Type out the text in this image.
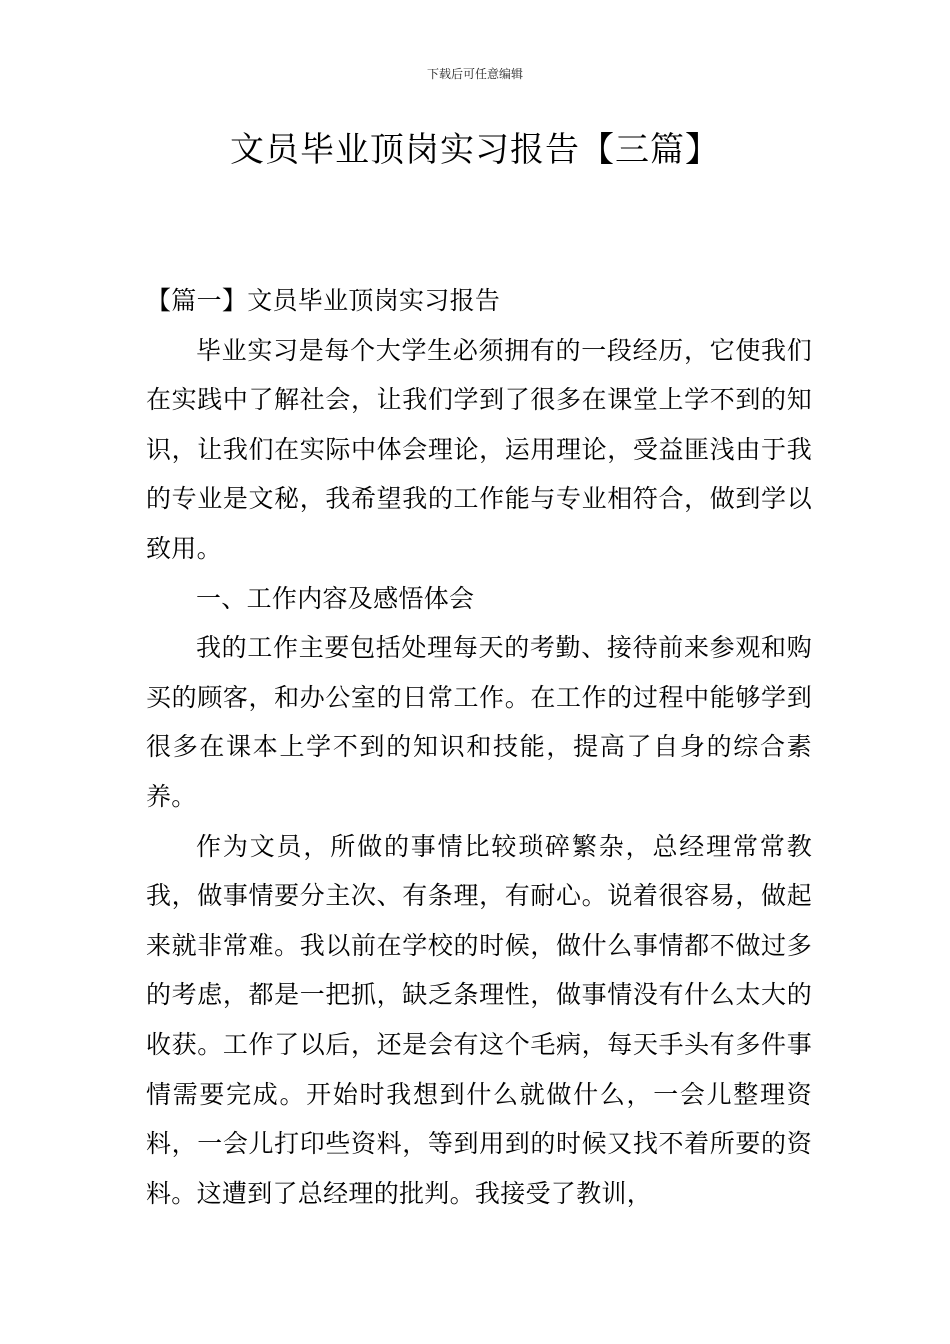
下载后可任意编辑
文员毕业顶岗实习报告【三篇】

【篇一】文员毕业顶岗实习报告

毕业实习是每个大学生必须拥有的一段经历，它使我们在实践中了解社会，让我们学到了很多在课堂上学不到的知识，让我们在实际中体会理论，运用理论，受益匪浅由于我的专业是文秘，我希望我的工作能与专业相符合，做到学以致用。

一、工作内容及感悟体会

我的工作主要包括处理每天的考勤、接待前来参观和购买的顾客，和办公室的日常工作。在工作的过程中能够学到很多在课本上学不到的知识和技能，提高了自身的综合素养。

作为文员，所做的事情比较琐碎繁杂，总经理常常教我，做事情要分主次、有条理，有耐心。说着很容易，做起来就非常难。我以前在学校的时候，做什么事情都不做过多的考虑，都是一把抓，缺乏条理性，做事情没有什么太大的收获。工作了以后，还是会有这个毛病，每天手头有多件事情需要完成。开始时我想到什么就做什么，一会儿整理资料，一会儿打印些资料，等到用到的时候又找不着所要的资料。这遭到了总经理的批判。我接受了教训，
